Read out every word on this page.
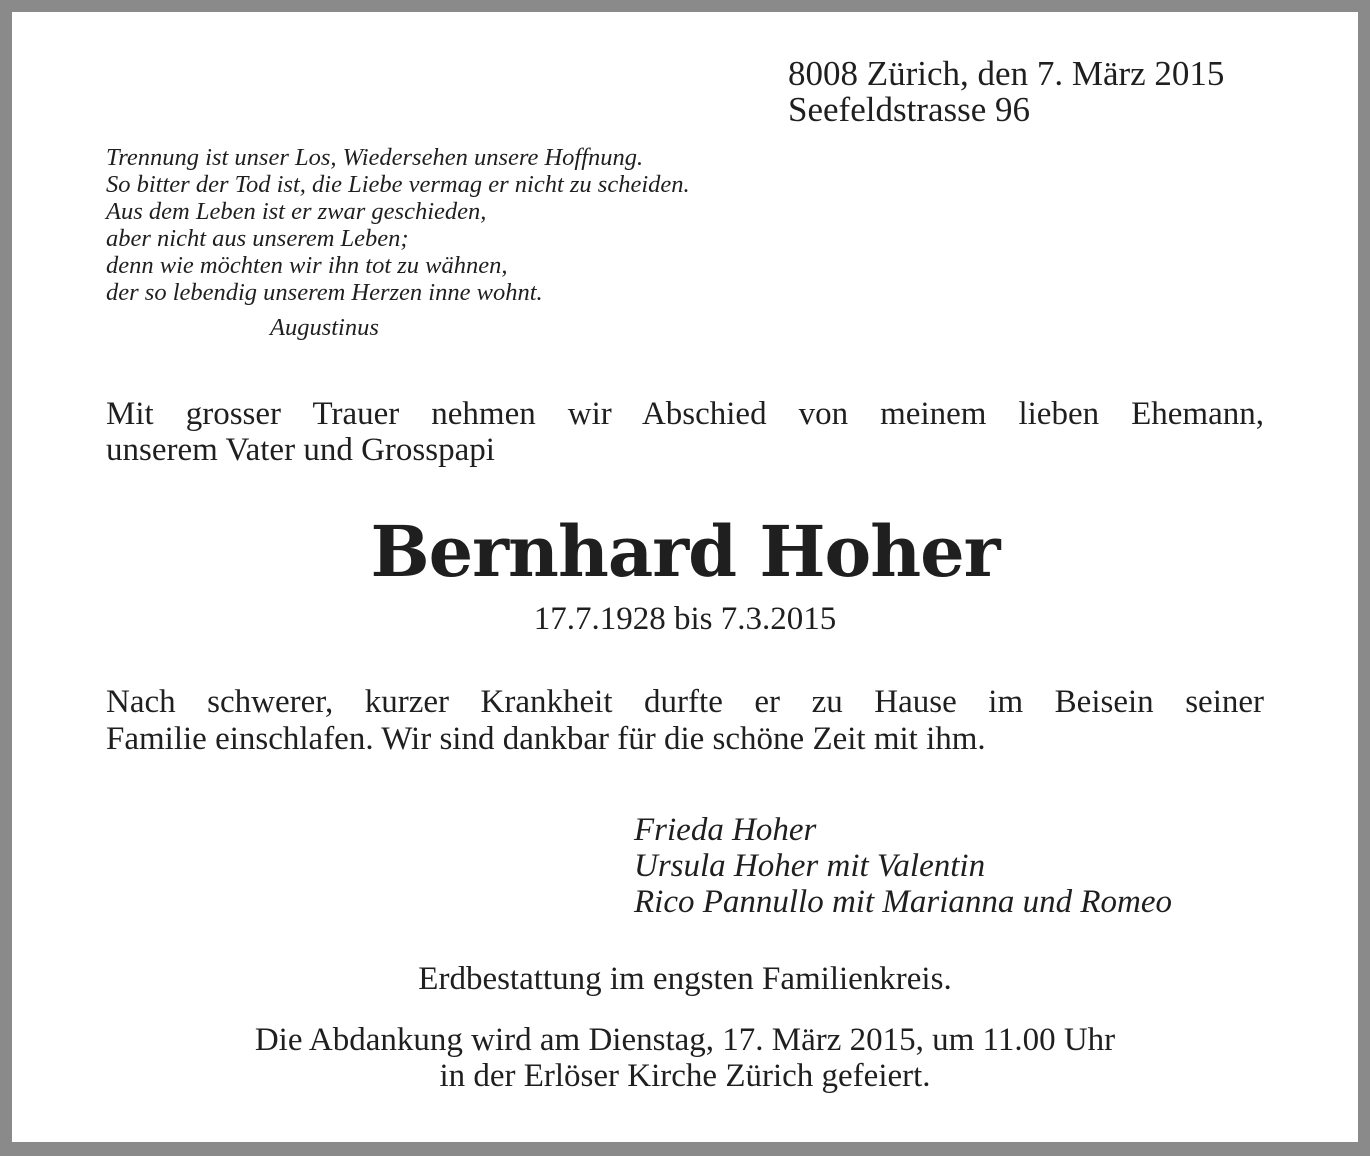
8008 Zürich, den 7. März 2015
Seefeldstrasse 96
Trennung ist unser Los, Wiedersehen unsere Hoffnung.
So bitter der Tod ist, die Liebe vermag er nicht zu scheiden.
Aus dem Leben ist er zwar geschieden,
aber nicht aus unserem Leben;
denn wie möchten wir ihn tot zu wähnen,
der so lebendig unserem Herzen inne wohnt.
Augustinus
Mit grosser Trauer nehmen wir Abschied von meinem lieben Ehemann,
unserem Vater und Grosspapi
Bernhard Hoher
17.7.1928 bis 7.3.2015
Nach schwerer, kurzer Krankheit durfte er zu Hause im Beisein seiner
Familie einschlafen. Wir sind dankbar für die schöne Zeit mit ihm.
Frieda Hoher
Ursula Hoher mit Valentin
Rico Pannullo mit Marianna und Romeo
Erdbestattung im engsten Familienkreis.
Die Abdankung wird am Dienstag, 17. März 2015, um 11.00 Uhr
in der Erlöser Kirche Zürich gefeiert.
